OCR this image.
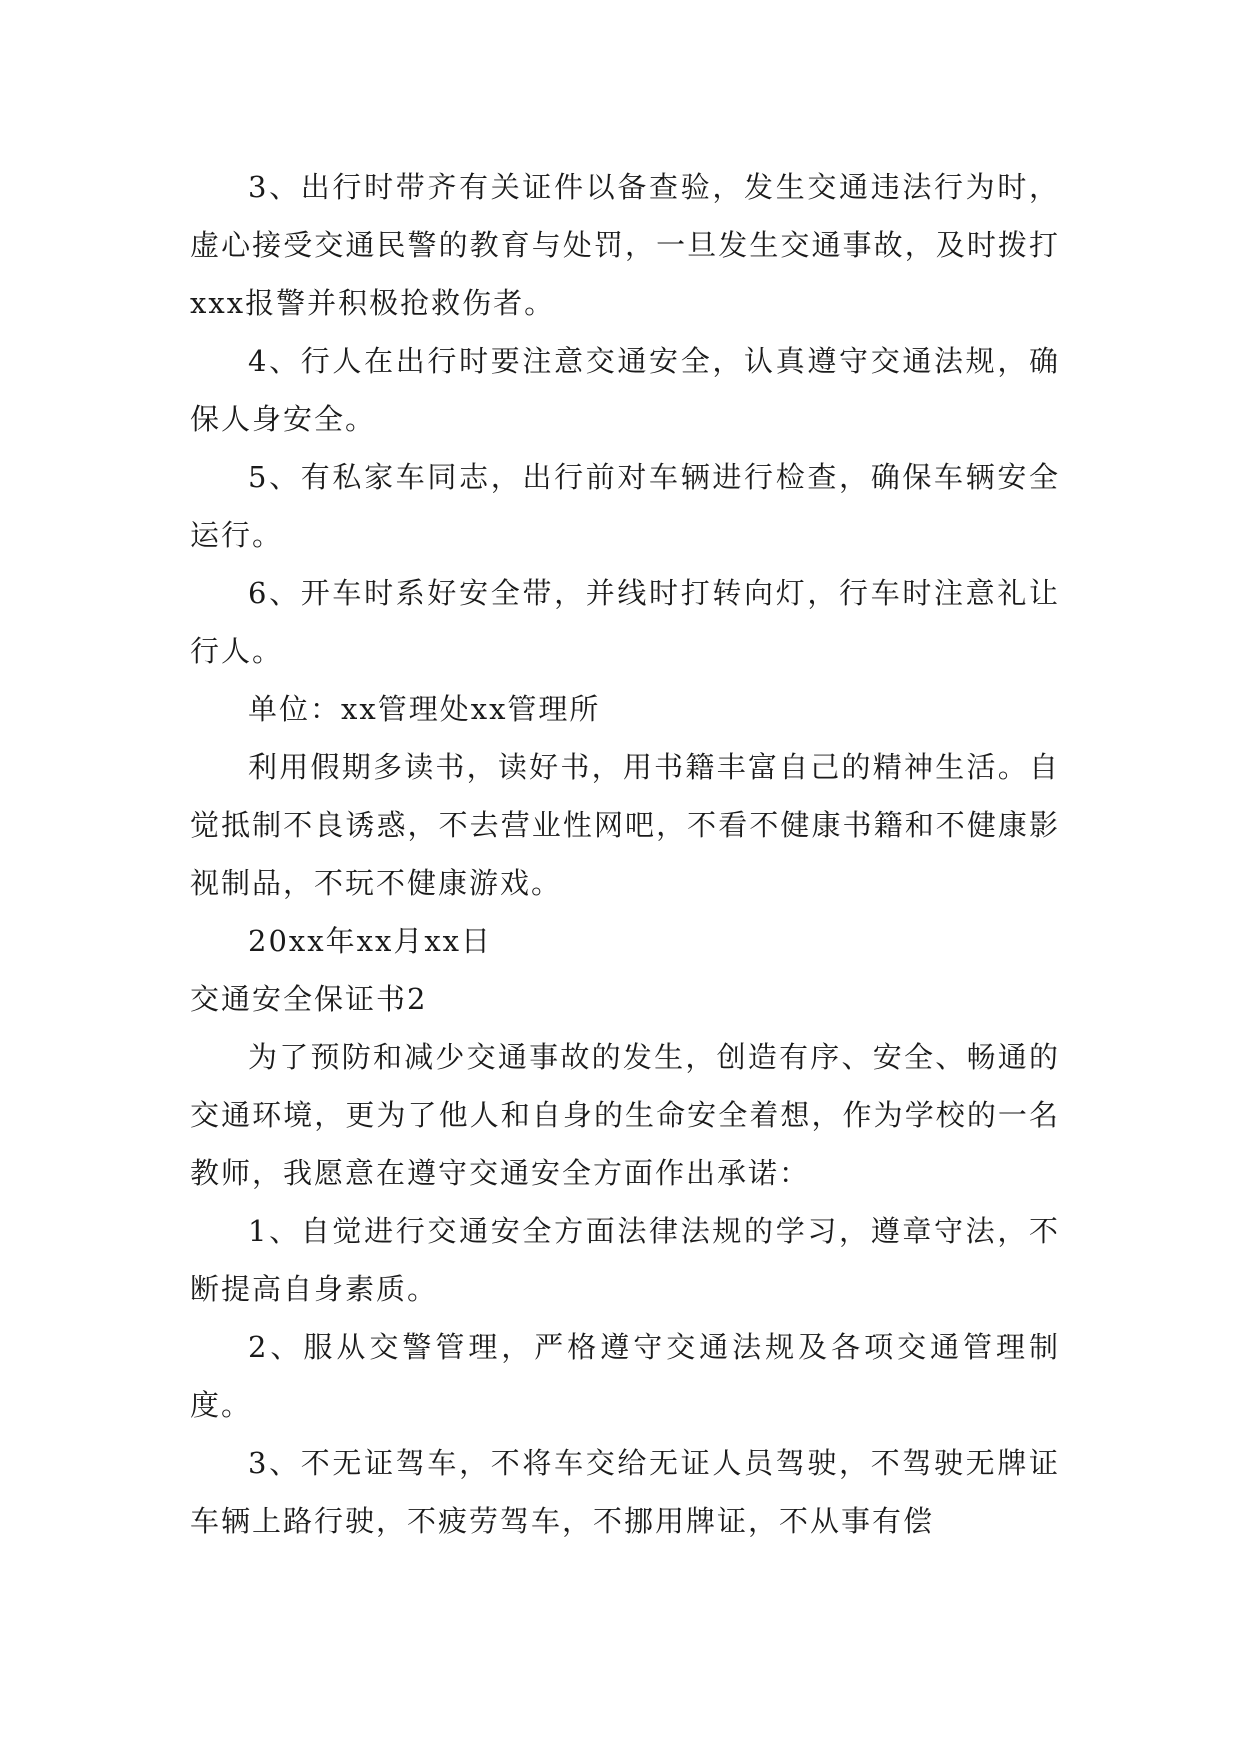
3、出行时带齐有关证件以备查验，发生交通违法行为时，虚心接受交通民警的教育与处罚，一旦发生交通事故，及时拨打xxx报警并积极抢救伤者。

4、行人在出行时要注意交通安全，认真遵守交通法规，确保人身安全。

5、有私家车同志，出行前对车辆进行检查，确保车辆安全运行。

6、开车时系好安全带，并线时打转向灯，行车时注意礼让行人。

单位：xx管理处xx管理所

利用假期多读书，读好书，用书籍丰富自己的精神生活。自觉抵制不良诱惑，不去营业性网吧，不看不健康书籍和不健康影视制品，不玩不健康游戏。

20xx年xx月xx日

交通安全保证书2

为了预防和减少交通事故的发生，创造有序、安全、畅通的交通环境，更为了他人和自身的生命安全着想，作为学校的一名教师，我愿意在遵守交通安全方面作出承诺：

1、自觉进行交通安全方面法律法规的学习，遵章守法，不断提高自身素质。

2、服从交警管理，严格遵守交通法规及各项交通管理制度。

3、不无证驾车，不将车交给无证人员驾驶，不驾驶无牌证车辆上路行驶，不疲劳驾车，不挪用牌证，不从事有偿
